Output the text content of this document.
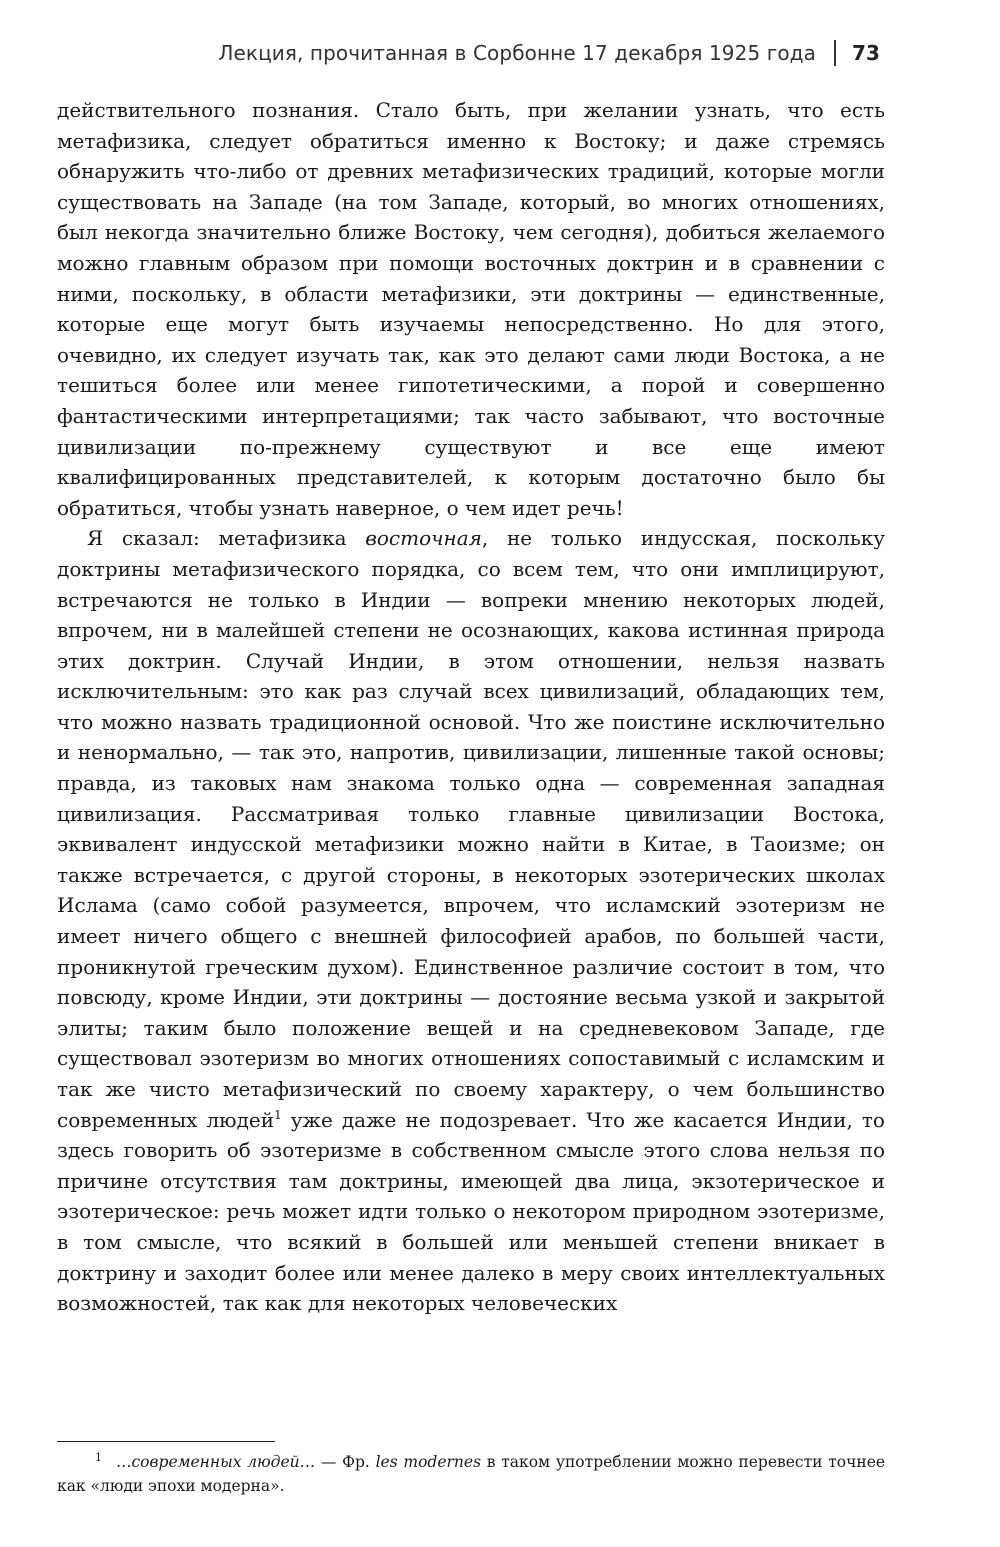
Лекция, прочитанная в Сорбонне 17 декабря 1925 года 73

действительного познания. Стало быть, при желании узнать, что есть метафизика, следует обратиться именно к Востоку; и даже стремясь обнаружить что-либо от древних метафизических традиций, которые могли существовать на Западе (на том Западе, который, во многих отношениях, был некогда значительно ближе Востоку, чем сегодня), добиться желаемого можно главным образом при помощи восточных доктрин и в сравнении с ними, поскольку, в области метафизики, эти доктрины — единственные, которые еще могут быть изучаемы непосредственно. Но для этого, очевидно, их следует изучать так, как это делают сами люди Востока, а не тешиться более или менее гипотетическими, а порой и совершенно фантастическими интерпретациями; так часто забывают, что восточные цивилизации по-прежнему существуют и все еще имеют квалифицированных представителей, к которым достаточно было бы обратиться, чтобы узнать наверное, о чем идет речь!

Я сказал: метафизика восточная, не только индусская, поскольку доктрины метафизического порядка, со всем тем, что они имплицируют, встречаются не только в Индии — вопреки мнению некоторых людей, впрочем, ни в малейшей степени не осознающих, какова истинная природа этих доктрин. Случай Индии, в этом отношении, нельзя назвать исключительным: это как раз случай всех цивилизаций, обладающих тем, что можно назвать традиционной основой. Что же поистине исключительно и ненормально, — так это, напротив, цивилизации, лишенные такой основы; правда, из таковых нам знакома только одна — современная западная цивилизация. Рассматривая только главные цивилизации Востока, эквивалент индусской метафизики можно найти в Китае, в Таоизме; он также встречается, с другой стороны, в некоторых эзотерических школах Ислама (само собой разумеется, впрочем, что исламский эзотеризм не имеет ничего общего с внешней философией арабов, по большей части, проникнутой греческим духом). Единственное различие состоит в том, что повсюду, кроме Индии, эти доктрины — достояние весьма узкой и закрытой элиты; таким было положение вещей и на средневековом Западе, где существовал эзотеризм во многих отношениях сопоставимый с исламским и так же чисто метафизический по своему характеру, о чем большинство современных людей$^1$ уже даже не подозревает. Что же касается Индии, то здесь говорить об эзотеризме в собственном смысле этого слова нельзя по причине отсутствия там доктрины, имеющей два лица, экзотерическое и эзотерическое: речь может идти только о некотором природном эзотеризме, в том смысле, что всякий в большей или меньшей степени вникает в доктрину и заходит более или менее далеко в меру своих интеллектуальных возможностей, так как для некоторых человеческих

$^1$ …современных людей… — Фр. les modernes в таком употреблении можно перевести точнее как «люди эпохи модерна».
